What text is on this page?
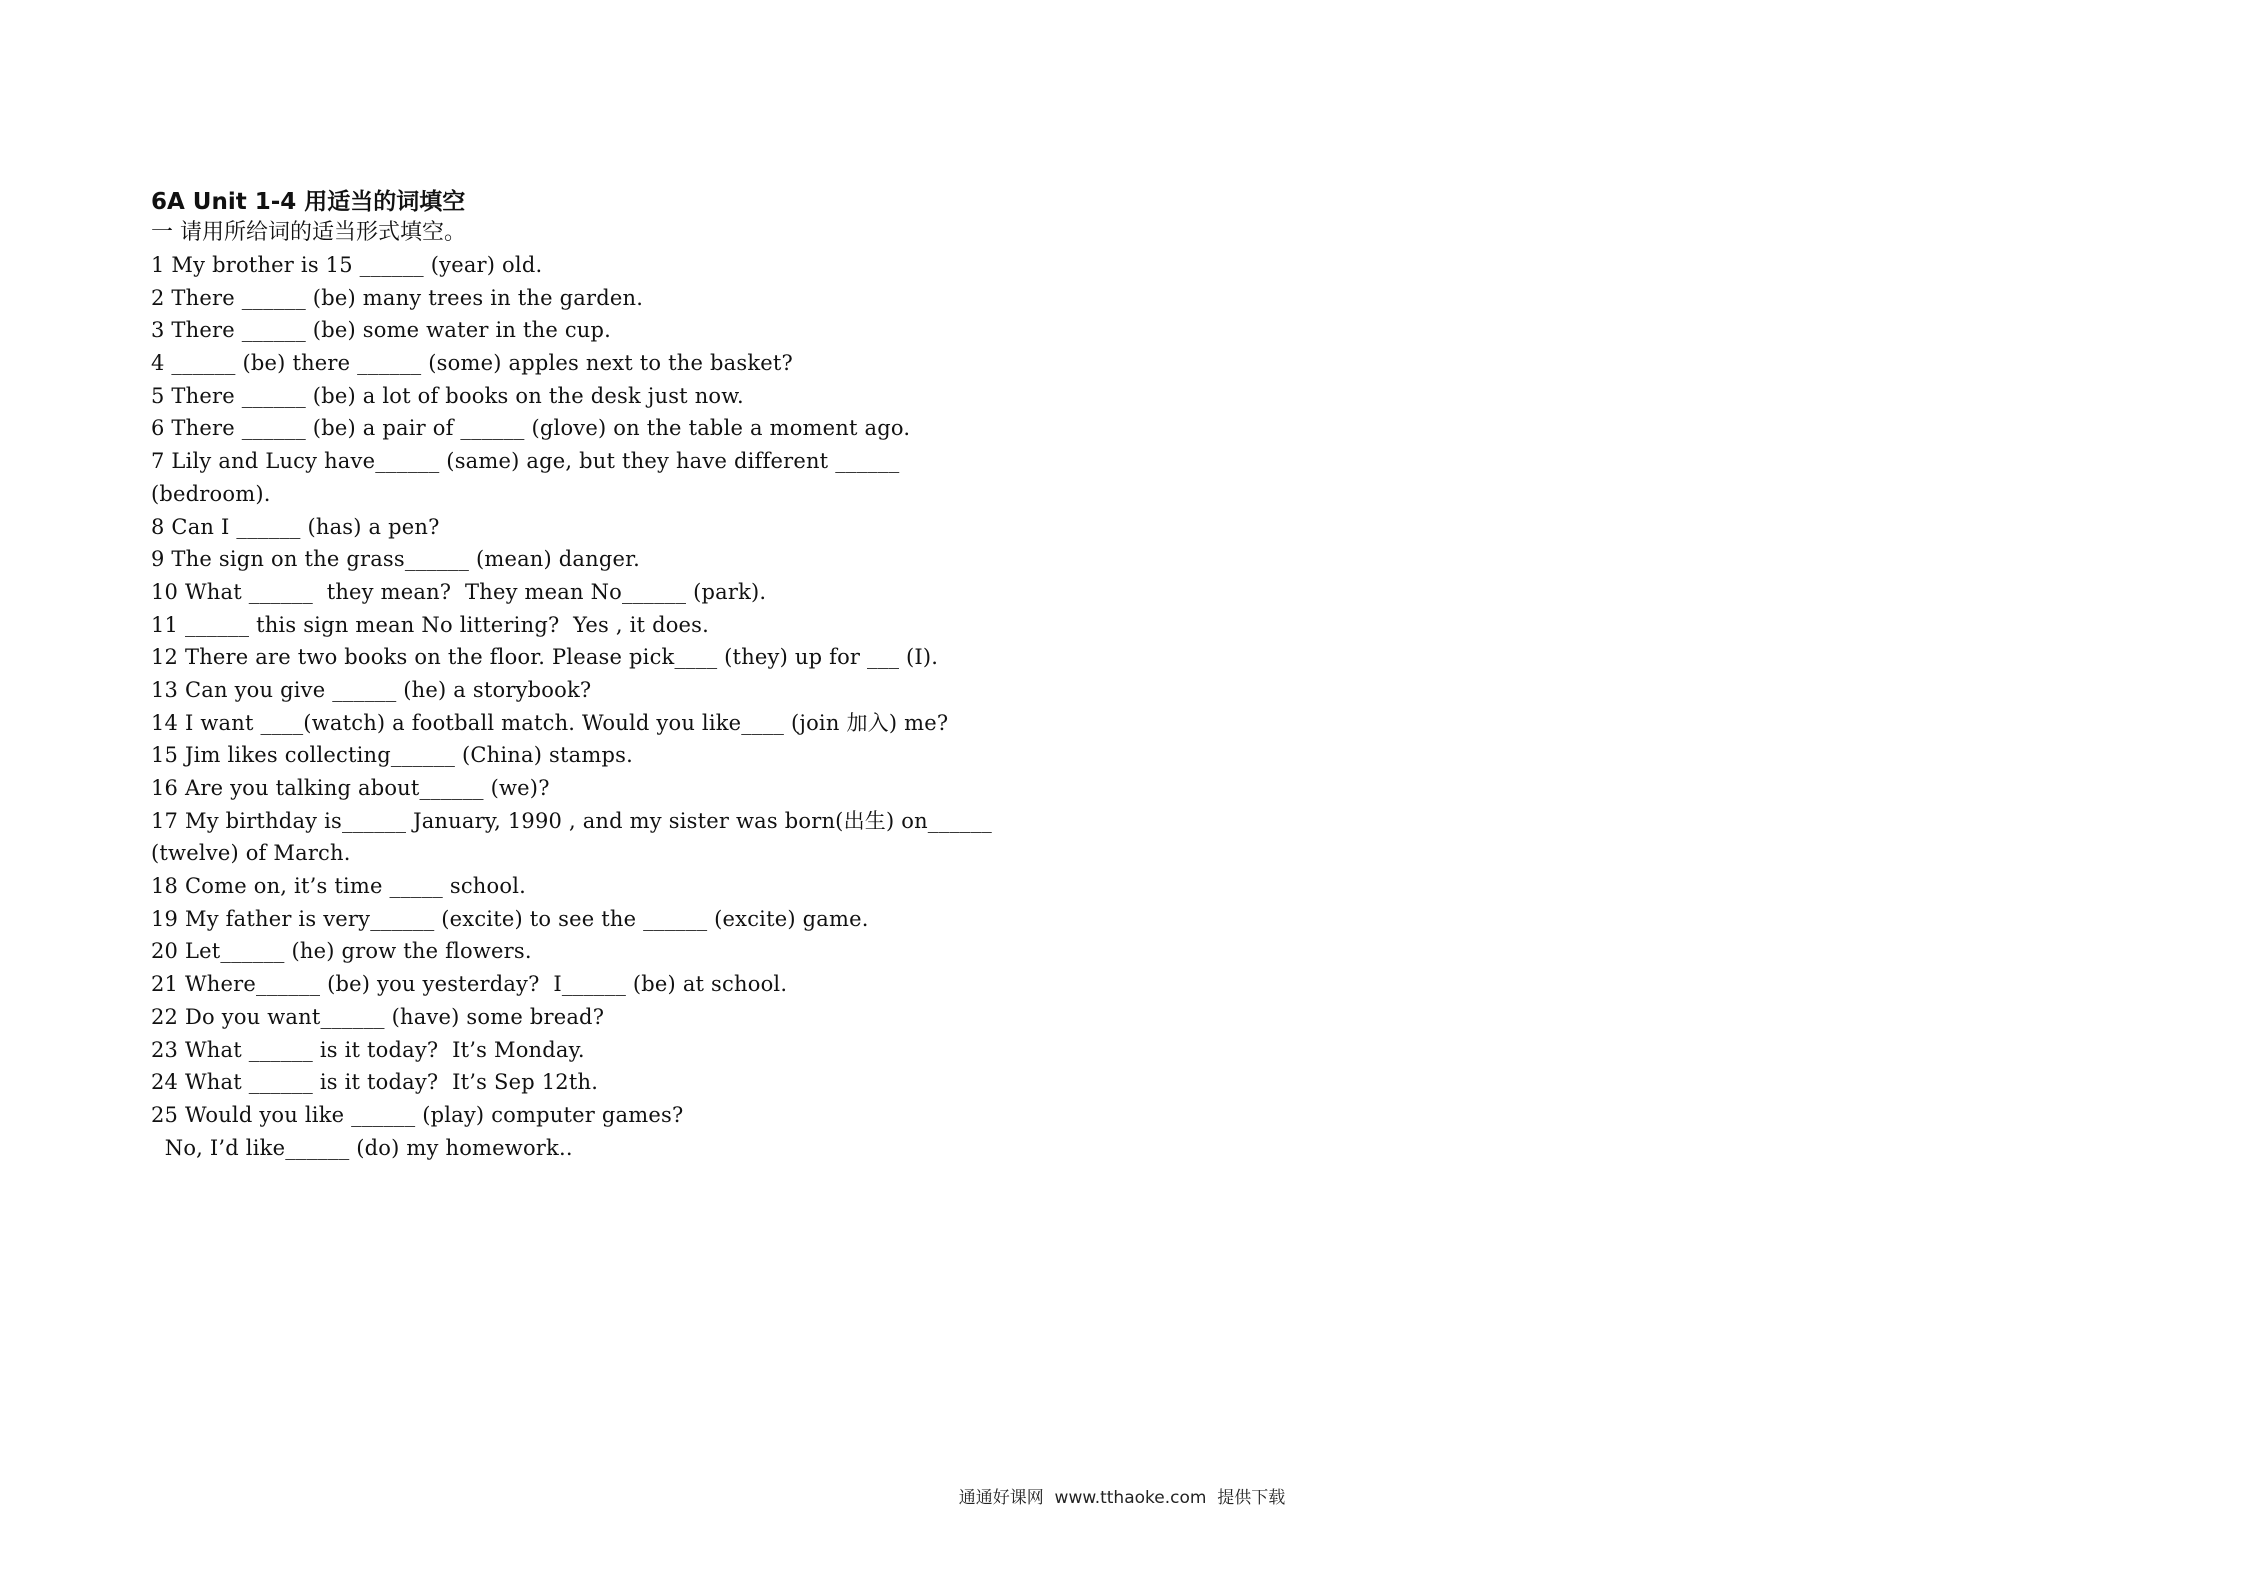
6A Unit 1-4 用适当的词填空
一 请用所给词的适当形式填空。
1 My brother is 15 ______ (year) old.
2 There ______ (be) many trees in the garden.
3 There ______ (be) some water in the cup.
4 ______ (be) there ______ (some) apples next to the basket?
5 There ______ (be) a lot of books on the desk just now.
6 There ______ (be) a pair of ______ (glove) on the table a moment ago.
7 Lily and Lucy have______ (same) age, but they have different ______
(bedroom).
8 Can I ______ (has) a pen?
9 The sign on the grass______ (mean) danger.
10 What ______  they mean?  They mean No______ (park).
11 ______ this sign mean No littering?  Yes , it does.
12 There are two books on the floor. Please pick____ (they) up for ___ (I).
13 Can you give ______ (he) a storybook?
14 I want ____(watch) a football match. Would you like____ (join 加入) me?
15 Jim likes collecting______ (China) stamps.
16 Are you talking about______ (we)?
17 My birthday is______ January, 1990 , and my sister was born(出生) on______
(twelve) of March.
18 Come on, it’s time _____ school.
19 My father is very______ (excite) to see the ______ (excite) game.
20 Let______ (he) grow the flowers.
21 Where______ (be) you yesterday?  I______ (be) at school.
22 Do you want______ (have) some bread?
23 What ______ is it today?  It’s Monday.
24 What ______ is it today?  It’s Sep 12th.
25 Would you like ______ (play) computer games?
No, I’d like______ (do) my homework..
通通好课网  www.tthaoke.com  提供下载
